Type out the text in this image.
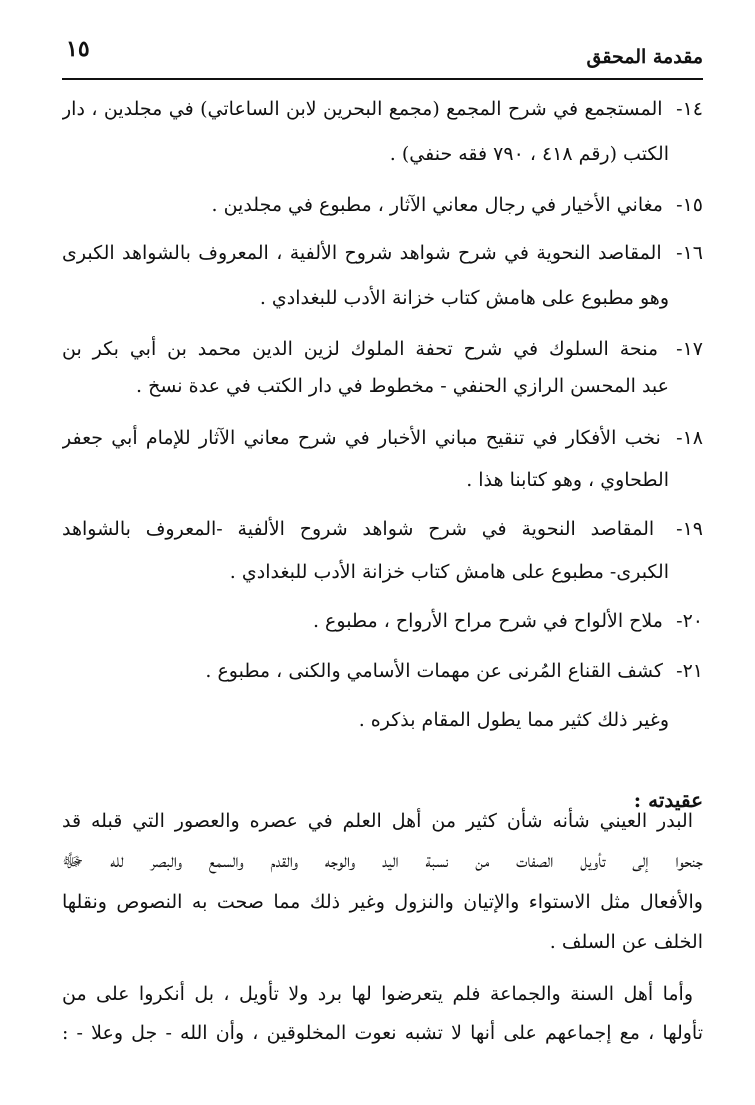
مقدمة المحقق
١٥
١٤- المستجمع في شرح المجمع (مجمع البحرين لابن الساعاتي) في مجلدين ، دار
الكتب (رقم ٤١٨ ، ٧٩٠ فقه حنفي) .
١٥- مغاني الأخيار في رجال معاني الآثار ، مطبوع في مجلدين .
١٦- المقاصد النحوية في شرح شواهد شروح الألفية ، المعروف بالشواهد الكبرى
وهو مطبوع على هامش كتاب خزانة الأدب للبغدادي .
١٧- منحة السلوك في شرح تحفة الملوك لزين الدين محمد بن أبي بكر بن
عبد المحسن الرازي الحنفي - مخطوط في دار الكتب في عدة نسخ .
١٨- نخب الأفكار في تنقيح مباني الأخبار في شرح معاني الآثار للإمام أبي جعفر
الطحاوي ، وهو كتابنا هذا .
١٩- المقاصد النحوية في شرح شواهد شروح الألفية -المعروف بالشواهد
الكبرى- مطبوع على هامش كتاب خزانة الأدب للبغدادي .
٢٠- ملاح الألواح في شرح مراح الأرواح ، مطبوع .
٢١- كشف القناع المُرنى عن مهمات الأسامي والكنى ، مطبوع .
وغير ذلك كثير مما يطول المقام بذكره .
عقيدته :
البدر العيني شأنه شأن كثير من أهل العلم في عصره والعصور التي قبله قد
جنحوا إلى تأويل الصفات من نسبة اليد والوجه والقدم والسمع والبصر لله ﷻ
والأفعال مثل الاستواء والإتيان والنزول وغير ذلك مما صحت به النصوص ونقلها
الخلف عن السلف .
وأما أهل السنة والجماعة فلم يتعرضوا لها برد ولا تأويل ، بل أنكروا على من
تأولها ، مع إجماعهم على أنها لا تشبه نعوت المخلوقين ، وأن الله - جل وعلا - :
